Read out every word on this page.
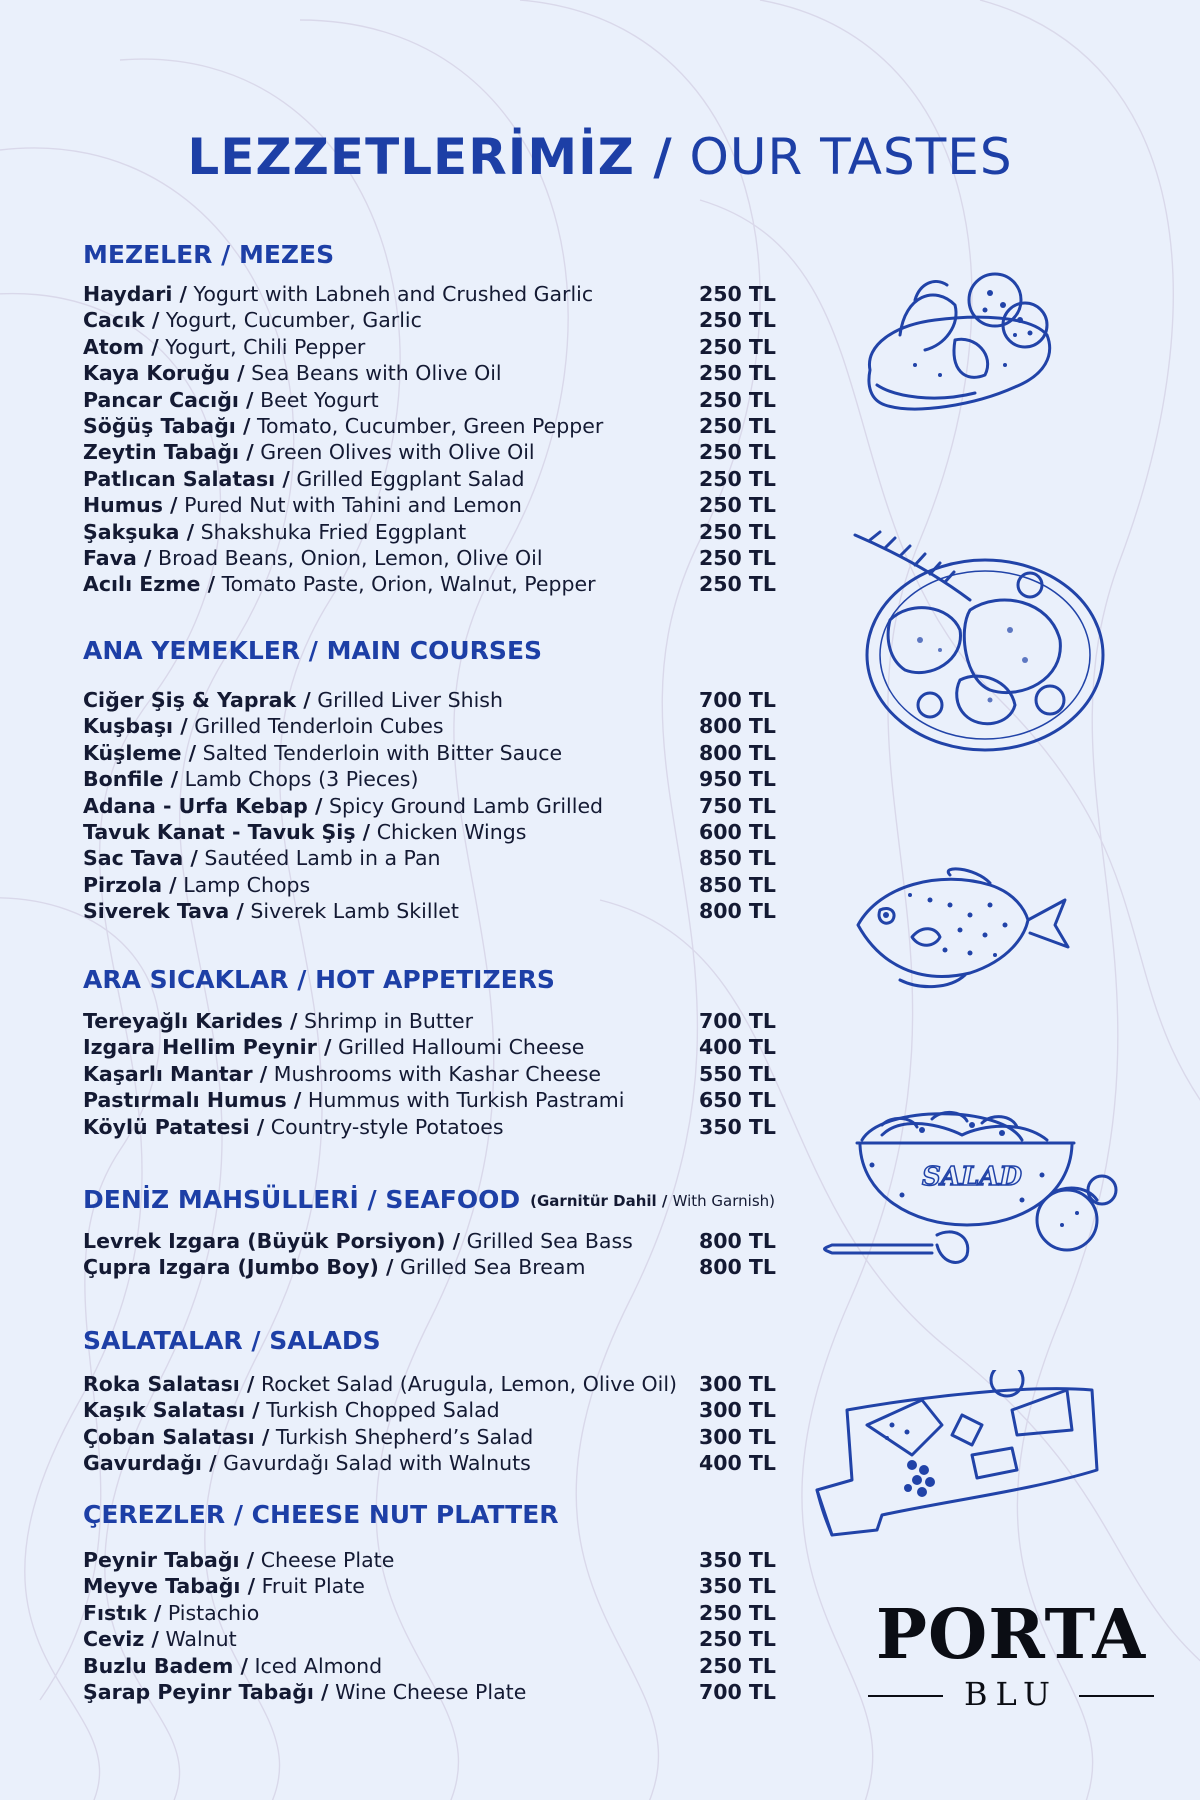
LEZZETLERİMİZ / OUR TASTES
MEZELER / MEZES
Haydari / Yogurt with Labneh and Crushed Garlic	250 TL
Cacık / Yogurt, Cucumber, Garlic	250 TL
Atom / Yogurt, Chili Pepper	250 TL
Kaya Koruğu / Sea Beans with Olive Oil	250 TL
Pancar Cacığı / Beet Yogurt	250 TL
Söğüş Tabağı / Tomato, Cucumber, Green Pepper	250 TL
Zeytin Tabağı / Green Olives with Olive Oil	250 TL
Patlıcan Salatası / Grilled Eggplant Salad	250 TL
Humus / Pured Nut with Tahini and Lemon	250 TL
Şakşuka / Shakshuka Fried Eggplant	250 TL
Fava / Broad Beans, Onion, Lemon, Olive Oil	250 TL
Acılı Ezme / Tomato Paste, Orion, Walnut, Pepper	250 TL
ANA YEMEKLER / MAIN COURSES
Ciğer Şiş & Yaprak / Grilled Liver Shish	700 TL
Kuşbaşı / Grilled Tenderloin Cubes	800 TL
Küşleme / Salted Tenderloin with Bitter Sauce	800 TL
Bonfile / Lamb Chops (3 Pieces)	950 TL
Adana - Urfa Kebap / Spicy Ground Lamb Grilled	750 TL
Tavuk Kanat - Tavuk Şiş / Chicken Wings	600 TL
Sac Tava / Sautéed Lamb in a Pan	850 TL
Pirzola / Lamp Chops	850 TL
Siverek Tava / Siverek Lamb Skillet	800 TL
ARA SICAKLAR / HOT APPETIZERS
Tereyağlı Karides / Shrimp in Butter	700 TL
Izgara Hellim Peynir / Grilled Halloumi Cheese	400 TL
Kaşarlı Mantar / Mushrooms with Kashar Cheese	550 TL
Pastırmalı Humus / Hummus with Turkish Pastrami	650 TL
Köylü Patatesi / Country-style Potatoes	350 TL
DENİZ MAHSÜLLERİ / SEAFOOD (Garnitür Dahil / With Garnish)
Levrek Izgara (Büyük Porsiyon) / Grilled Sea Bass	800 TL
Çupra Izgara (Jumbo Boy) / Grilled Sea Bream	800 TL
SALATALAR / SALADS
Roka Salatası / Rocket Salad (Arugula, Lemon, Olive Oil) 300 TL
Kaşık Salatası / Turkish Chopped Salad	300 TL
Çoban Salatası / Turkish Shepherd’s Salad	300 TL
Gavurdağı / Gavurdağı Salad with Walnuts	400 TL
ÇEREZLER / CHEESE NUT PLATTER
Peynir Tabağı / Cheese Plate	350 TL
Meyve Tabağı / Fruit Plate	350 TL
Fıstık / Pistachio	250 TL
Ceviz / Walnut	250 TL
Buzlu Badem / Iced Almond	250 TL
Şarap Peyinr Tabağı / Wine Cheese Plate	700 TL
SALAD
PORTA
BLU
